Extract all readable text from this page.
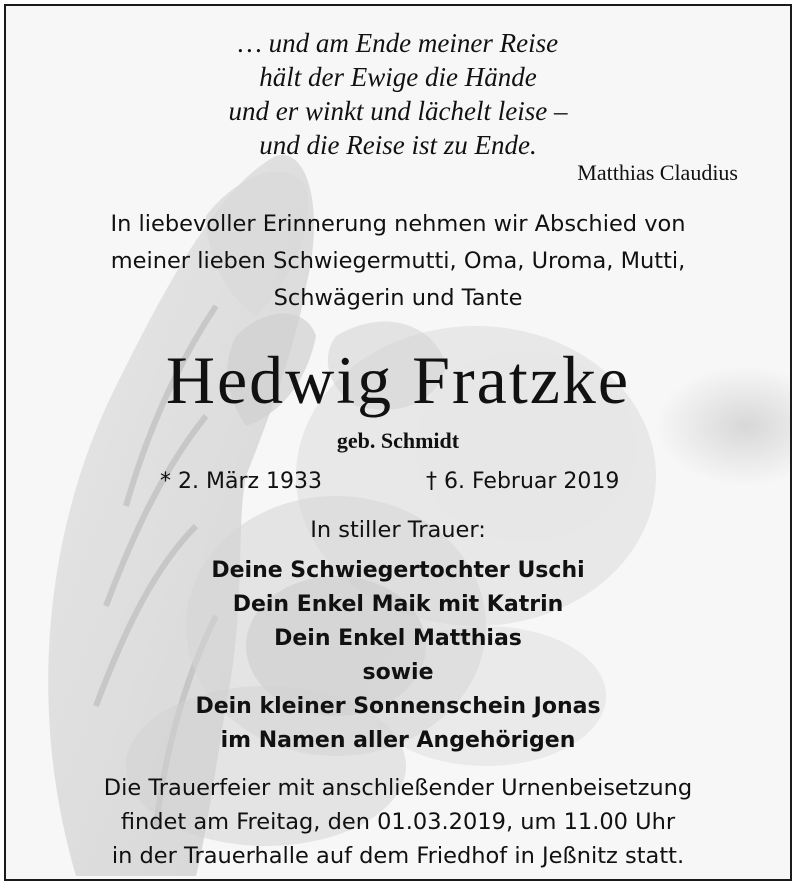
… und am Ende meiner Reise
hält der Ewige die Hände
und er winkt und lächelt leise –
und die Reise ist zu Ende.
Matthias Claudius
In liebevoller Erinnerung nehmen wir Abschied von
meiner lieben Schwiegermutti, Oma, Uroma, Mutti,
Schwägerin und Tante
Hedwig Fratzke
geb. Schmidt
* 2. März 1933	† 6. Februar 2019
In stiller Trauer:
Deine Schwiegertochter Uschi
Dein Enkel Maik mit Katrin
Dein Enkel Matthias
sowie
Dein kleiner Sonnenschein Jonas
im Namen aller Angehörigen
Die Trauerfeier mit anschließender Urnenbeisetzung
findet am Freitag, den 01.03.2019, um 11.00 Uhr
in der Trauerhalle auf dem Friedhof in Jeßnitz statt.
